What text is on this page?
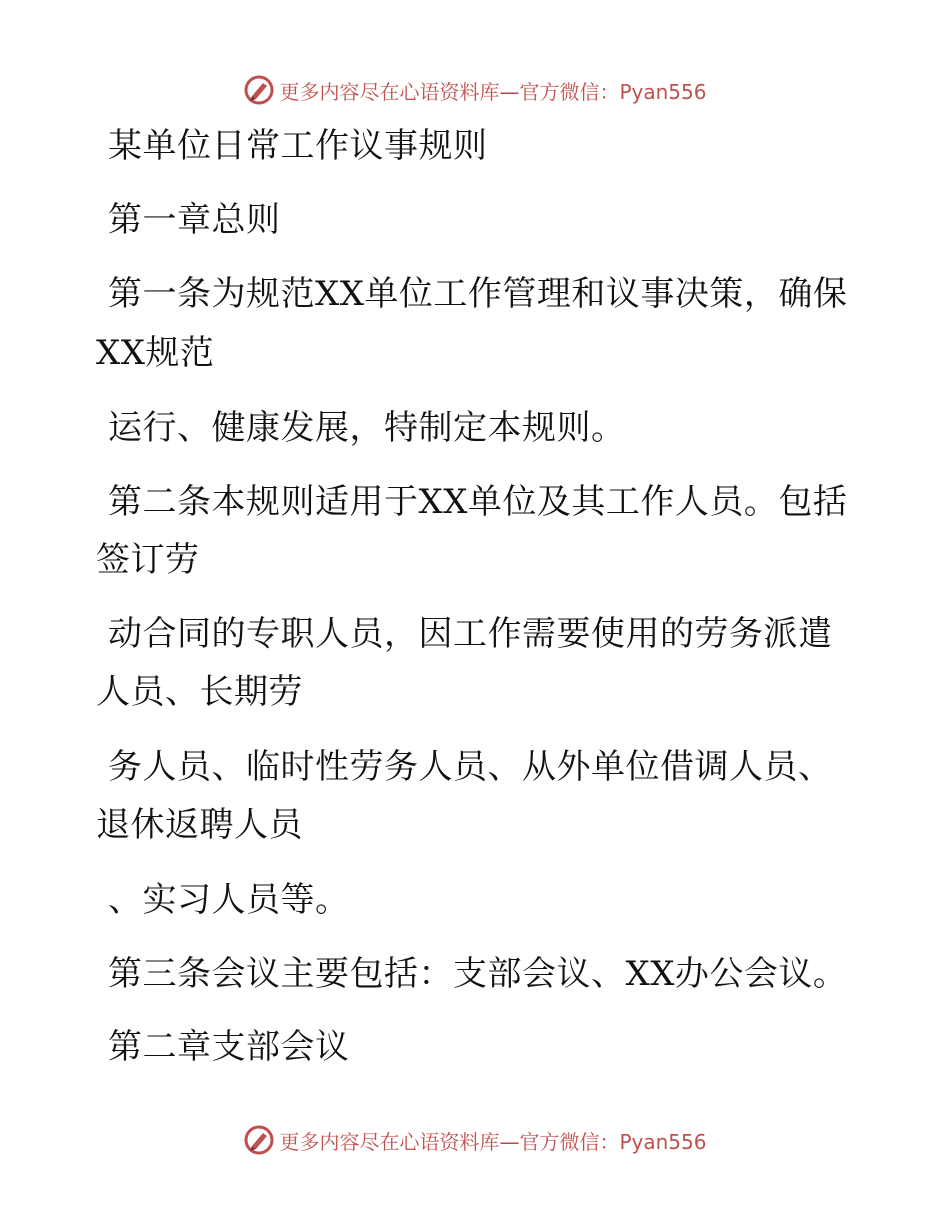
更多内容尽在心语资料库—官方微信：Pyan556
某单位日常工作议事规则
第一章总则
第一条为规范XX单位工作管理和议事决策，确保
XX规范
运行、健康发展，特制定本规则。
第二条本规则适用于XX单位及其工作人员。包括
签订劳
动合同的专职人员，因工作需要使用的劳务派遣
人员、长期劳
务人员、临时性劳务人员、从外单位借调人员、
退休返聘人员
、实习人员等。
第三条会议主要包括：支部会议、XX办公会议。
第二章支部会议
更多内容尽在心语资料库—官方微信：Pyan556
